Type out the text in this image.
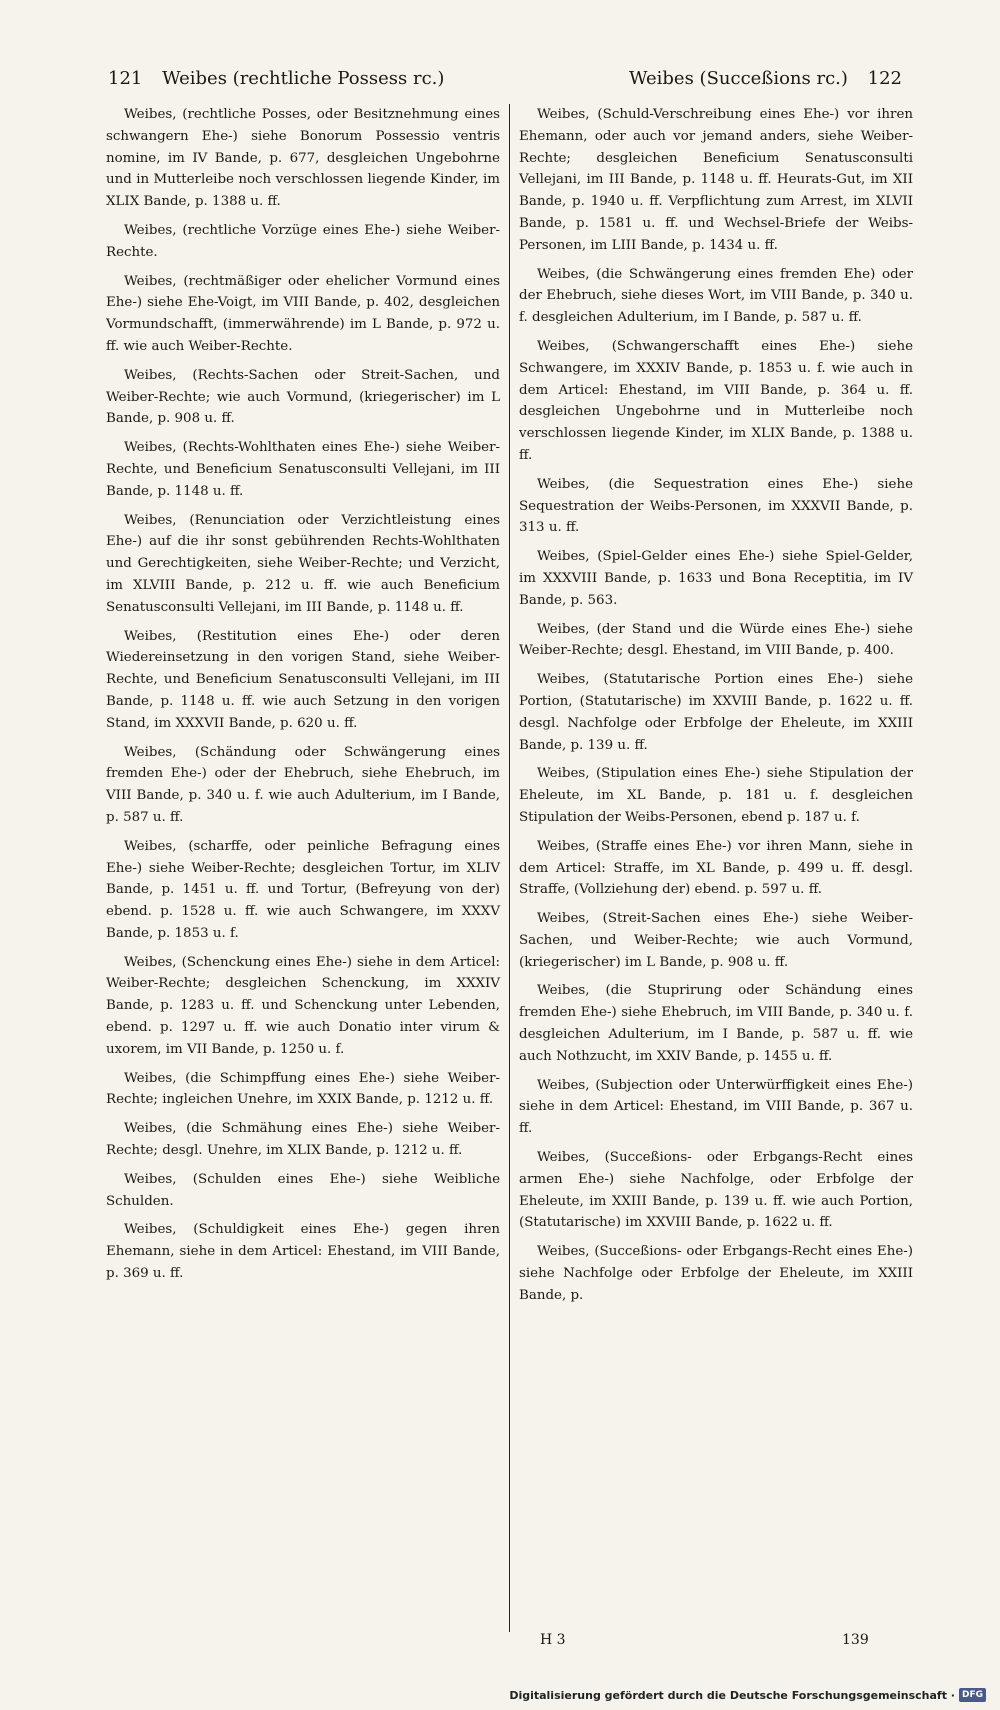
121 Weibes (rechtliche Possess rc.)	Weibes (Succeßions rc.) 122

Weibes, (rechtliche Posses, oder Besitznehmung eines schwangern Ehe-) siehe Bonorum Possessio ventris nomine, im IV Bande, p. 677, desgleichen Ungebohrne und in Mutterleibe noch verschlossen liegende Kinder, im XLIX Bande, p. 1388 u. ff.

Weibes, (rechtliche Vorzüge eines Ehe-) siehe Weiber-Rechte.

Weibes, (rechtmäßiger oder ehelicher Vormund eines Ehe-) siehe Ehe-Voigt, im VIII Bande, p. 402, desgleichen Vormundschafft, (immerwährende) im L Bande, p. 972 u. ff. wie auch Weiber-Rechte.

Weibes, (Rechts-Sachen oder Streit-Sachen, und Weiber-Rechte; wie auch Vormund, (kriegerischer) im L Bande, p. 908 u. ff.

Weibes, (Rechts-Wohlthaten eines Ehe-) siehe Weiber-Rechte, und Beneficium Senatusconsulti Vellejani, im III Bande, p. 1148 u. ff.

Weibes, (Renunciation oder Verzichtleistung eines Ehe-) auf die ihr sonst gebührenden Rechts-Wohlthaten und Gerechtigkeiten, siehe Weiber-Rechte; und Verzicht, im XLVIII Bande, p. 212 u. ff. wie auch Beneficium Senatusconsulti Vellejani, im III Bande, p. 1148 u. ff.

Weibes, (Restitution eines Ehe-) oder deren Wiedereinsetzung in den vorigen Stand, siehe Weiber-Rechte, und Beneficium Senatusconsulti Vellejani, im III Bande, p. 1148 u. ff. wie auch Setzung in den vorigen Stand, im XXXVII Bande, p. 620 u. ff.

Weibes, (Schändung oder Schwängerung eines fremden Ehe-) oder der Ehebruch, siehe Ehebruch, im VIII Bande, p. 340 u. f. wie auch Adulterium, im I Bande, p. 587 u. ff.

Weibes, (scharffe, oder peinliche Befragung eines Ehe-) siehe Weiber-Rechte; desgleichen Tortur, im XLIV Bande, p. 1451 u. ff. und Tortur, (Befreyung von der) ebend. p. 1528 u. ff. wie auch Schwangere, im XXXV Bande, p. 1853 u. f.

Weibes, (Schenckung eines Ehe-) siehe in dem Articel: Weiber-Rechte; desgleichen Schenckung, im XXXIV Bande, p. 1283 u. ff. und Schenckung unter Lebenden, ebend. p. 1297 u. ff. wie auch Donatio inter virum & uxorem, im VII Bande, p. 1250 u. f.

Weibes, (die Schimpffung eines Ehe-) siehe Weiber-Rechte; ingleichen Unehre, im XXIX Bande, p. 1212 u. ff.

Weibes, (die Schmähung eines Ehe-) siehe Weiber-Rechte; desgl. Unehre, im XLIX Bande, p. 1212 u. ff.

Weibes, (Schulden eines Ehe-) siehe Weibliche Schulden.

Weibes, (Schuldigkeit eines Ehe-) gegen ihren Ehemann, siehe in dem Articel: Ehestand, im VIII Bande, p. 369 u. ff.

Weibes, (Schuld-Verschreibung eines Ehe-) vor ihren Ehemann, oder auch vor jemand anders, siehe Weiber-Rechte; desgleichen Beneficium Senatusconsulti Vellejani, im III Bande, p. 1148 u. ff. Heurats-Gut, im XII Bande, p. 1940 u. ff. Verpflichtung zum Arrest, im XLVII Bande, p. 1581 u. ff. und Wechsel-Briefe der Weibs-Personen, im LIII Bande, p. 1434 u. ff.

Weibes, (die Schwängerung eines fremden Ehe) oder der Ehebruch, siehe dieses Wort, im VIII Bande, p. 340 u. f. desgleichen Adulterium, im I Bande, p. 587 u. ff.

Weibes, (Schwangerschafft eines Ehe-) siehe Schwangere, im XXXIV Bande, p. 1853 u. f. wie auch in dem Articel: Ehestand, im VIII Bande, p. 364 u. ff. desgleichen Ungebohrne und in Mutterleibe noch verschlossen liegende Kinder, im XLIX Bande, p. 1388 u. ff.

Weibes, (die Sequestration eines Ehe-) siehe Sequestration der Weibs-Personen, im XXXVII Bande, p. 313 u. ff.

Weibes, (Spiel-Gelder eines Ehe-) siehe Spiel-Gelder, im XXXVIII Bande, p. 1633 und Bona Receptitia, im IV Bande, p. 563.

Weibes, (der Stand und die Würde eines Ehe-) siehe Weiber-Rechte; desgl. Ehestand, im VIII Bande, p. 400.

Weibes, (Statutarische Portion eines Ehe-) siehe Portion, (Statutarische) im XXVIII Bande, p. 1622 u. ff. desgl. Nachfolge oder Erbfolge der Eheleute, im XXIII Bande, p. 139 u. ff.

Weibes, (Stipulation eines Ehe-) siehe Stipulation der Eheleute, im XL Bande, p. 181 u. f. desgleichen Stipulation der Weibs-Personen, ebend p. 187 u. f.

Weibes, (Straffe eines Ehe-) vor ihren Mann, siehe in dem Articel: Straffe, im XL Bande, p. 499 u. ff. desgl. Straffe, (Vollziehung der) ebend. p. 597 u. ff.

Weibes, (Streit-Sachen eines Ehe-) siehe Weiber-Sachen, und Weiber-Rechte; wie auch Vormund, (kriegerischer) im L Bande, p. 908 u. ff.

Weibes, (die Stuprirung oder Schändung eines fremden Ehe-) siehe Ehebruch, im VIII Bande, p. 340 u. f. desgleichen Adulterium, im I Bande, p. 587 u. ff. wie auch Nothzucht, im XXIV Bande, p. 1455 u. ff.

Weibes, (Subjection oder Unterwürffigkeit eines Ehe-) siehe in dem Articel: Ehestand, im VIII Bande, p. 367 u. ff.

Weibes, (Succeßions- oder Erbgangs-Recht eines armen Ehe-) siehe Nachfolge, oder Erbfolge der Eheleute, im XXIII Bande, p. 139 u. ff. wie auch Portion, (Statutarische) im XXVIII Bande, p. 1622 u. ff.

Weibes, (Succeßions- oder Erbgangs-Recht eines Ehe-) siehe Nachfolge oder Erbfolge der Eheleute, im XXIII Bande, p.

H 3	139
Digitalisierung gefördert durch die Deutsche Forschungsgemeinschaft · DFG
